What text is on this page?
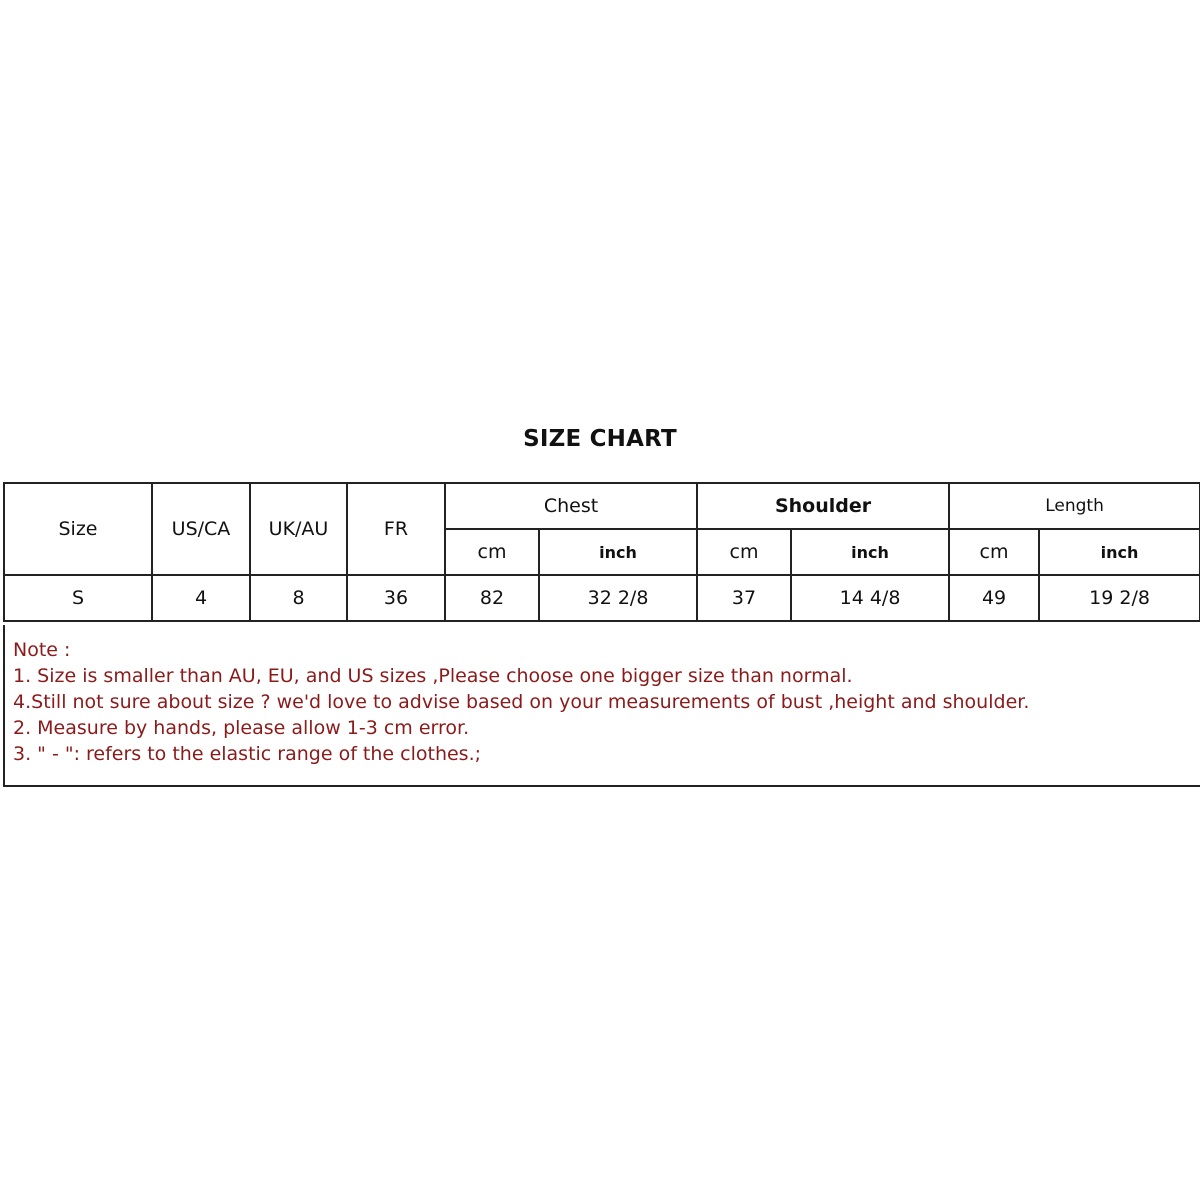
SIZE CHART
Size	US/CA	UK/AU	FR	Chest		Shoulder		Length	
				cm	inch	cm	inch	cm	inch
S	4	8	36	82	32 2/8	37	14 4/8	49	19 2/8
Note :
1. Size is smaller than AU, EU, and US sizes ,Please choose one bigger size than normal.
4.Still not sure about size ? we'd love to advise based on your measurements of bust ,height and shoulder.
2. Measure by hands, please allow 1-3 cm error.
3. " - ": refers to the elastic range of the clothes.;
